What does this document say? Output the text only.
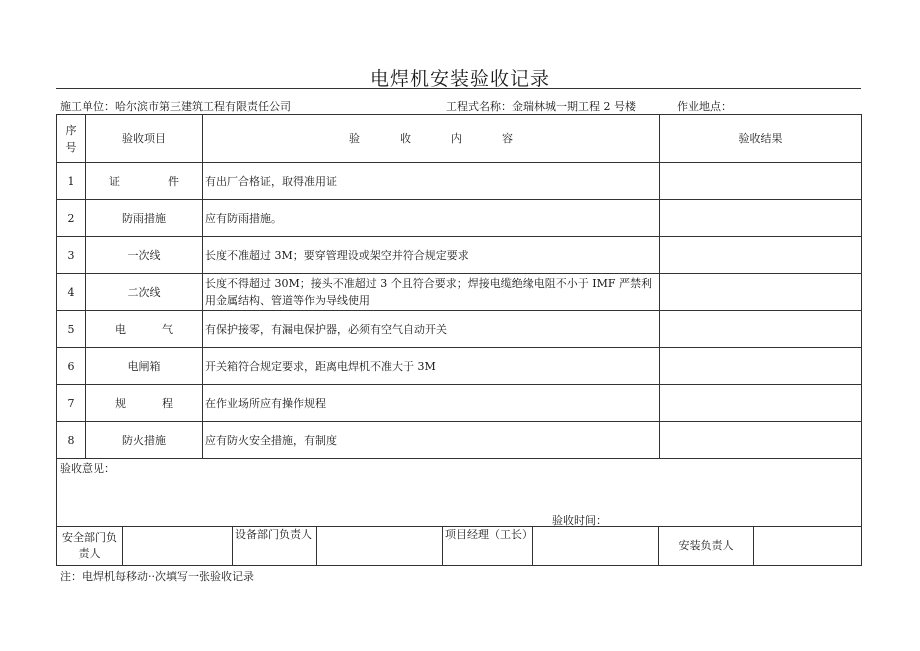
电焊机安装验收记录
施工单位：哈尔滨市第三建筑工程有限责任公司	工程式名称：金瑞林城一期工程 2 号楼	作业地点：
序
号	验收项目	验 收 内 容	验收结果
1	证 件	有出厂合格证，取得准用证	
2	防雨措施	应有防雨措施。	
3	一次线	长度不准超过 3M；要穿管理设或架空并符合规定要求	
4	二次线	长度不得超过 30M；接头不准超过 3 个且符合要求；焊接电缆绝缘电阻不小于 IMF 严禁利用金属结构、管道等作为导线使用	
5	电 气	有保护接零，有漏电保护器，必须有空气自动开关	
6	电闸箱	开关箱符合规定要求，距离电焊机不准大于 3M	
7	规 程	在作业场所应有操作规程	
8	防火措施	应有防火安全措施，有制度	

验收意见：
验收时间：			
安全部门负
责人
		设备部门负责人		项目经理（工长）		安装负责人	
注：电焊机每移动··次填写一张验收记录
